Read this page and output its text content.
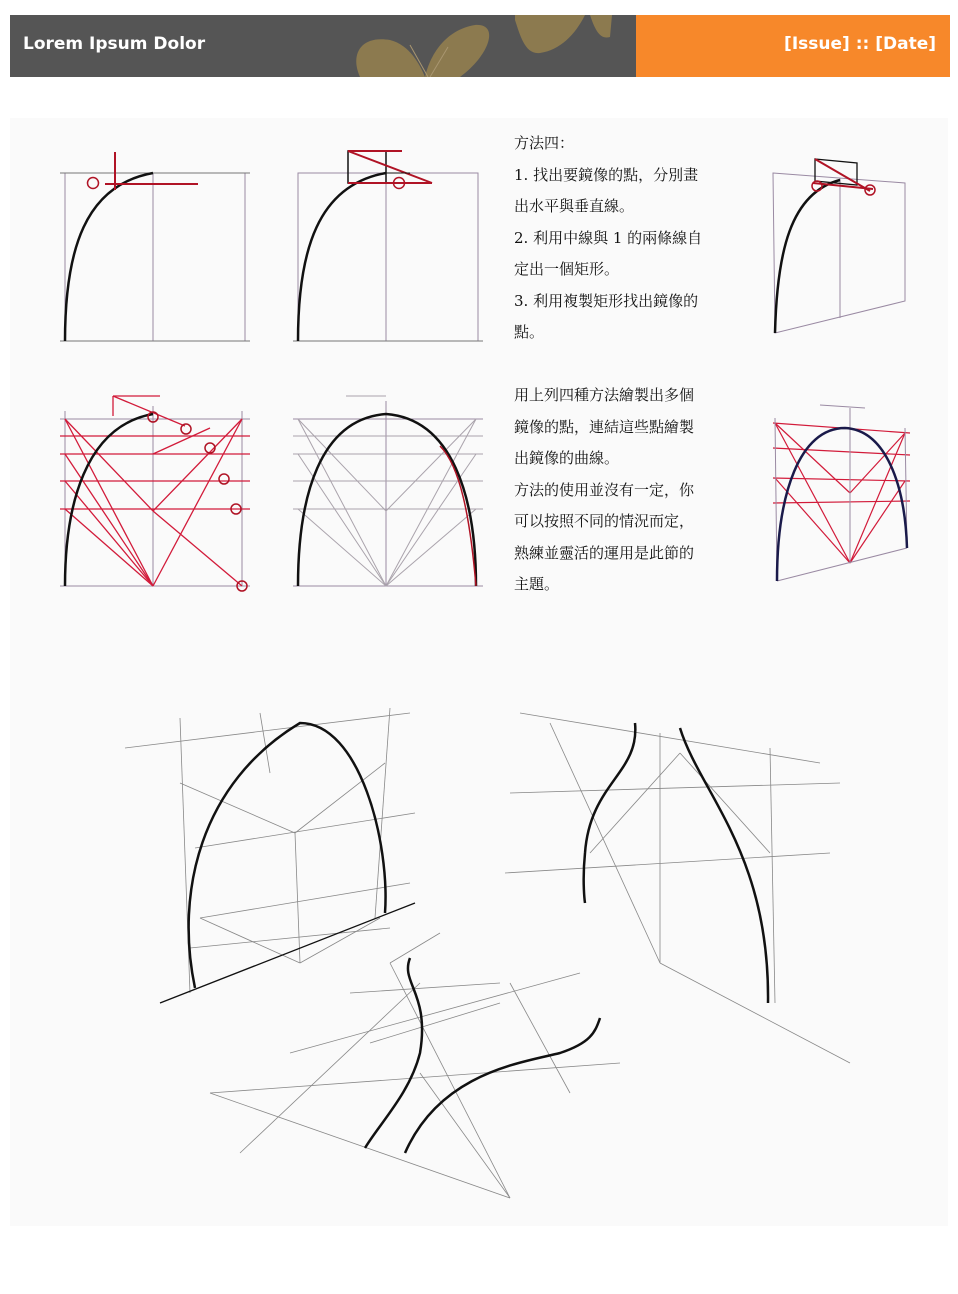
Lorem Ipsum Dolor	[Issue] :: [Date]

方法四：

1. 找出要鏡像的點，分別畫

出水平與垂直線。

2. 利用中線與 1 的兩條線自

定出一個矩形。

3. 利用複製矩形找出鏡像的

點。

用上列四種方法繪製出多個

鏡像的點，連結這些點繪製

出鏡像的曲線。

方法的使用並沒有一定，你

可以按照不同的情況而定，

熟練並靈活的運用是此節的

主題。
